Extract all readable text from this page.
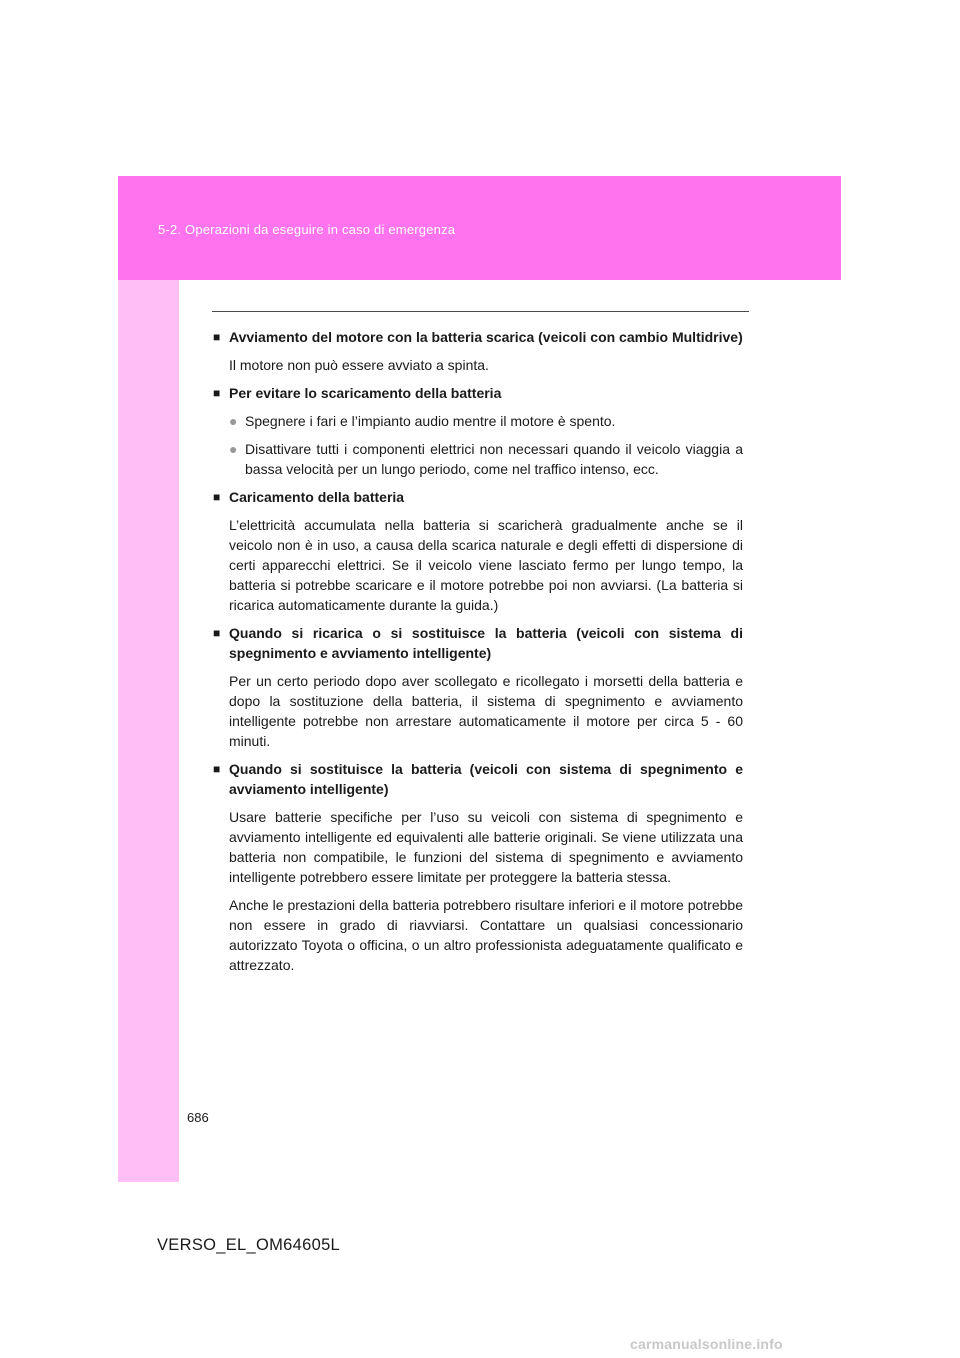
5-2. Operazioni da eseguire in caso di emergenza
■ Avviamento del motore con la batteria scarica (veicoli con cambio Multidrive)
Il motore non può essere avviato a spinta.
■ Per evitare lo scaricamento della batteria
● Spegnere i fari e l’impianto audio mentre il motore è spento.
● Disattivare tutti i componenti elettrici non necessari quando il veicolo viaggia a bassa velocità per un lungo periodo, come nel traffico intenso, ecc.
■ Caricamento della batteria
L’elettricità accumulata nella batteria si scaricherà gradualmente anche se il veicolo non è in uso, a causa della scarica naturale e degli effetti di dispersione di certi apparecchi elettrici. Se il veicolo viene lasciato fermo per lungo tempo, la batteria si potrebbe scaricare e il motore potrebbe poi non avviarsi. (La batteria si ricarica automaticamente durante la guida.)
■ Quando si ricarica o si sostituisce la batteria (veicoli con sistema di spegnimento e avviamento intelligente)
Per un certo periodo dopo aver scollegato e ricollegato i morsetti della batteria e dopo la sostituzione della batteria, il sistema di spegnimento e avviamento intelligente potrebbe non arrestare automaticamente il motore per circa 5 - 60 minuti.
■ Quando si sostituisce la batteria (veicoli con sistema di spegnimento e avviamento intelligente)
Usare batterie specifiche per l’uso su veicoli con sistema di spegnimento e avviamento intelligente ed equivalenti alle batterie originali. Se viene utilizzata una batteria non compatibile, le funzioni del sistema di spegnimento e avviamento intelligente potrebbero essere limitate per proteggere la batteria stessa.
Anche le prestazioni della batteria potrebbero risultare inferiori e il motore potrebbe non essere in grado di riavviarsi. Contattare un qualsiasi concessionario autorizzato Toyota o officina, o un altro professionista adeguatamente qualificato e attrezzato.
686
VERSO_EL_OM64605L
carmanualsonline.info
